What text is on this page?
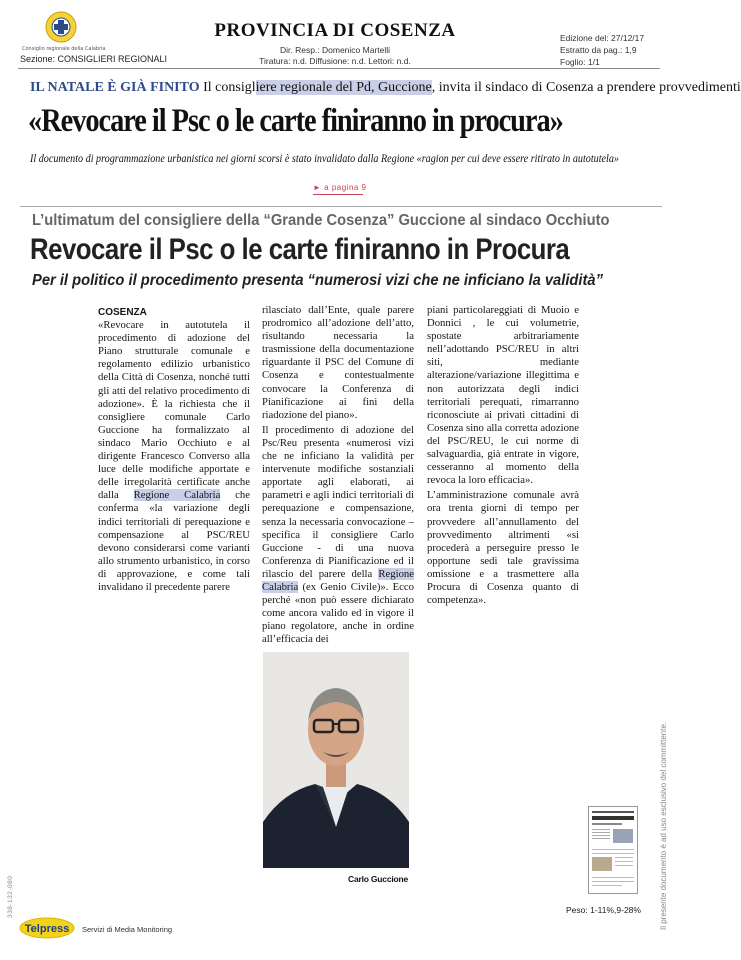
Consiglio regionale della Calabria
Sezione: CONSIGLIERI REGIONALI
PROVINCIA DI COSENZA
Dir. Resp.: Domenico Martelli
Tiratura: n.d. Diffusione: n.d. Lettori: n.d.
Edizione del: 27/12/17
Estratto da pag.: 1,9
Foglio: 1/1
IL NATALE È GIÀ FINITO Il consigliere regionale del Pd, Guccione, invita il sindaco di Cosenza a prendere provvedimenti
«Revocare il Psc o le carte finiranno in procura»
Il documento di programmazione urbanistica nei giorni scorsi è stato invalidato dalla Regione «ragion per cui deve essere ritirato in autotutela»
► a pagina 9
L’ultimatum del consigliere della “Grande Cosenza” Guccione al sindaco Occhiuto
Revocare il Psc o le carte finiranno in Procura
Per il politico il procedimento presenta “numerosi vizi che ne inficiano la validità”
COSENZA

«Revocare in autotutela il procedimento di adozione del Piano strutturale comunale e regolamento edilizio urbanistico della Città di Cosenza, nonché tutti gli atti del relativo procedimento di adozione». È la richiesta che il consigliere comunale Carlo Guccione ha formalizzato al sindaco Mario Occhiuto e al dirigente Francesco Converso alla luce delle modifiche apportate e delle irregolarità certificate anche dalla Regione Calabria che conferma «la variazione degli indici territoriali di perequazione e compensazione al PSC/REU devono considerarsi come varianti allo strumento urbanistico, in corso di approvazione, e come tali invalidano il precedente parere

rilasciato dall’Ente, quale parere prodromico all’adozione dell’atto, risultando necessaria la trasmissione della documentazione riguardante il PSC del Comune di Cosenza e contestualmente convocare la Conferenza di Pianificazione ai fini della riadozione del piano».

Il procedimento di adozione del Psc/Reu presenta «numerosi vizi che ne inficiano la validità per intervenute modifiche sostanziali apportate agli elaborati, ai parametri e agli indici territoriali di perequazione e compensazione, senza la necessaria convocazione – specifica il consigliere Carlo Guccione - di una nuova Conferenza di Pianificazione ed il rilascio del parere della Regione Calabria (ex Genio Civile)». Ecco perché «non può essere dichiarato come ancora valido ed in vigore il piano regolatore, anche in ordine all’efficacia dei

piani particolareggiati di Muoio e Donnici , le cui volumetrie, spostate arbitrariamente nell’adottando PSC/REU in altri siti, mediante alterazione/variazione illegittima e non autorizzata degli indici territoriali perequati, rimarranno riconosciute ai privati cittadini di Cosenza sino alla corretta adozione del PSC/REU, le cui norme di salvaguardia, già entrate in vigore, cesseranno al momento della revoca la loro efficacia».

L’amministrazione comunale avrà ora trenta giorni di tempo per provvedere all’annullamento del provvedimento altrimenti «si procederà a perseguire presso le opportune sedi tale gravissima omissione e a trasmettere alla Procura di Cosenza quanto di competenza».

Carlo Guccione	Il presente documento è ad uso esclusivo del committente.
338-132-080	Peso: 1-11%,9-28%
Telpress Servizi di Media Monitoring
